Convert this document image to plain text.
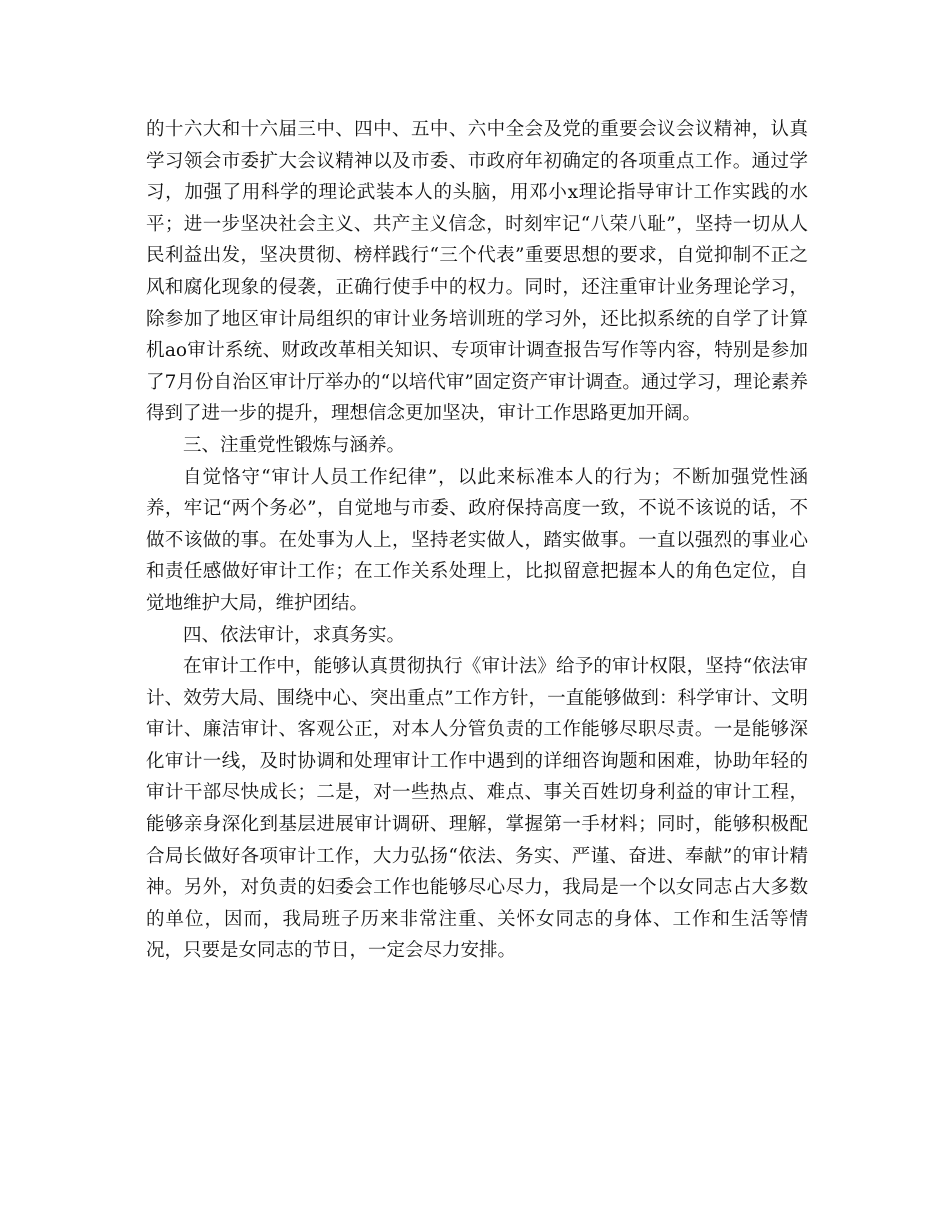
的十六大和十六届三中、四中、五中、六中全会及党的重要会议会议精神，认真学习领会市委扩大会议精神以及市委、市政府年初确定的各项重点工作。通过学习，加强了用科学的理论武装本人的头脑，用邓小x理论指导审计工作实践的水平；进一步坚决社会主义、共产主义信念，时刻牢记“八荣八耻”，坚持一切从人民利益出发，坚决贯彻、榜样践行“三个代表”重要思想的要求，自觉抑制不正之风和腐化现象的侵袭，正确行使手中的权力。同时，还注重审计业务理论学习，除参加了地区审计局组织的审计业务培训班的学习外，还比拟系统的自学了计算机ao审计系统、财政改革相关知识、专项审计调查报告写作等内容，特别是参加了7月份自治区审计厅举办的“以培代审”固定资产审计调查。通过学习，理论素养得到了进一步的提升，理想信念更加坚决，审计工作思路更加开阔。

三、注重党性锻炼与涵养。

自觉恪守“审计人员工作纪律”，以此来标准本人的行为；不断加强党性涵养，牢记“两个务必”，自觉地与市委、政府保持高度一致，不说不该说的话，不做不该做的事。在处事为人上，坚持老实做人，踏实做事。一直以强烈的事业心和责任感做好审计工作；在工作关系处理上，比拟留意把握本人的角色定位，自觉地维护大局，维护团结。

四、依法审计，求真务实。

在审计工作中，能够认真贯彻执行《审计法》给予的审计权限，坚持“依法审计、效劳大局、围绕中心、突出重点”工作方针，一直能够做到：科学审计、文明审计、廉洁审计、客观公正，对本人分管负责的工作能够尽职尽责。一是能够深化审计一线，及时协调和处理审计工作中遇到的详细咨询题和困难，协助年轻的审计干部尽快成长；二是，对一些热点、难点、事关百姓切身利益的审计工程，能够亲身深化到基层进展审计调研、理解，掌握第一手材料；同时，能够积极配合局长做好各项审计工作，大力弘扬“依法、务实、严谨、奋进、奉献”的审计精神。另外，对负责的妇委会工作也能够尽心尽力，我局是一个以女同志占大多数的单位，因而，我局班子历来非常注重、关怀女同志的身体、工作和生活等情况，只要是女同志的节日，一定会尽力安排。
